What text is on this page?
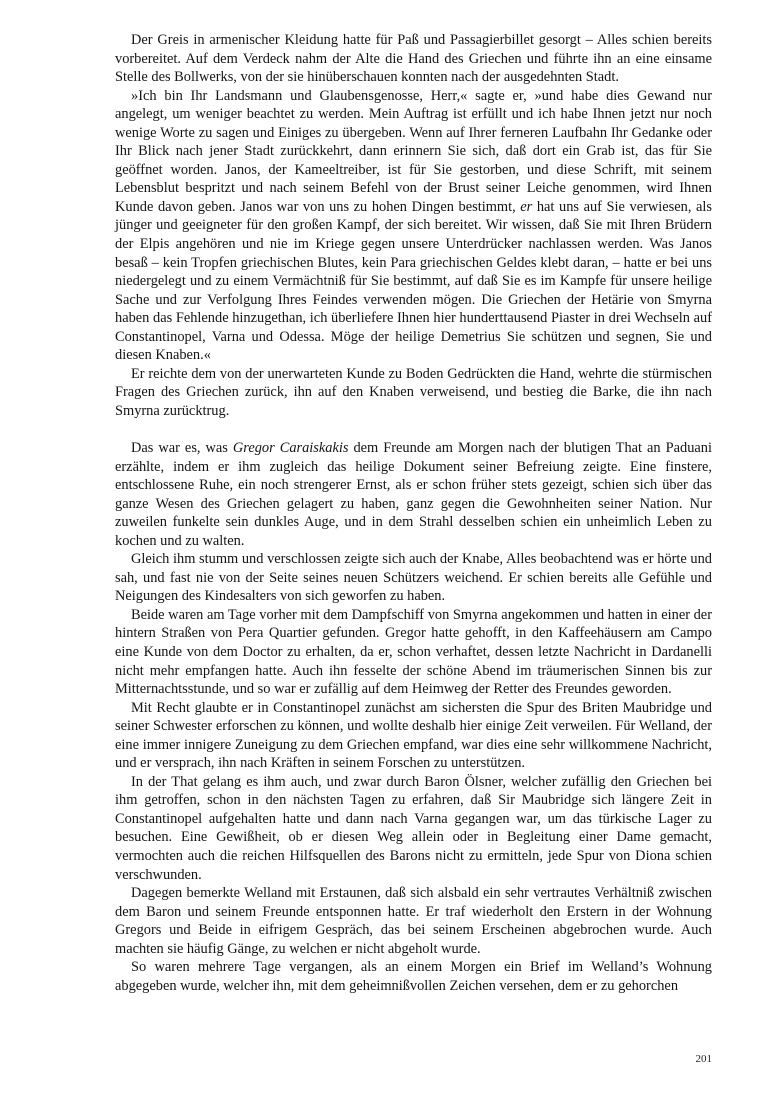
Der Greis in armenischer Kleidung hatte für Paß und Passagierbillet gesorgt – Alles schien bereits vorbereitet. Auf dem Verdeck nahm der Alte die Hand des Griechen und führte ihn an eine einsame Stelle des Bollwerks, von der sie hinüberschauen konnten nach der ausgedehnten Stadt.

»Ich bin Ihr Landsmann und Glaubensgenosse, Herr,« sagte er, »und habe dies Gewand nur angelegt, um weniger beachtet zu werden. Mein Auftrag ist erfüllt und ich habe Ihnen jetzt nur noch wenige Worte zu sagen und Einiges zu übergeben. Wenn auf Ihrer ferneren Laufbahn Ihr Gedanke oder Ihr Blick nach jener Stadt zurückkehrt, dann erinnern Sie sich, daß dort ein Grab ist, das für Sie geöffnet worden. Janos, der Kameeltreiber, ist für Sie gestorben, und diese Schrift, mit seinem Lebensblut bespritzt und nach seinem Befehl von der Brust seiner Leiche genommen, wird Ihnen Kunde davon geben. Janos war von uns zu hohen Dingen bestimmt, er hat uns auf Sie verwiesen, als jünger und geeigneter für den großen Kampf, der sich bereitet. Wir wissen, daß Sie mit Ihren Brüdern der Elpis angehören und nie im Kriege gegen unsere Unterdrücker nachlassen werden. Was Janos besaß – kein Tropfen griechischen Blutes, kein Para griechischen Geldes klebt daran, – hatte er bei uns niedergelegt und zu einem Vermächtniß für Sie bestimmt, auf daß Sie es im Kampfe für unsere heilige Sache und zur Verfolgung Ihres Feindes verwenden mögen. Die Griechen der Hetärie von Smyrna haben das Fehlende hinzugethan, ich überliefere Ihnen hier hunderttausend Piaster in drei Wechseln auf Constantinopel, Varna und Odessa. Möge der heilige Demetrius Sie schützen und segnen, Sie und diesen Knaben.«

Er reichte dem von der unerwarteten Kunde zu Boden Gedrückten die Hand, wehrte die stürmischen Fragen des Griechen zurück, ihn auf den Knaben verweisend, und bestieg die Barke, die ihn nach Smyrna zurücktrug.

Das war es, was Gregor Caraiskakis dem Freunde am Morgen nach der blutigen That an Paduani erzählte, indem er ihm zugleich das heilige Dokument seiner Befreiung zeigte. Eine finstere, entschlossene Ruhe, ein noch strengerer Ernst, als er schon früher stets gezeigt, schien sich über das ganze Wesen des Griechen gelagert zu haben, ganz gegen die Gewohnheiten seiner Nation. Nur zuweilen funkelte sein dunkles Auge, und in dem Strahl desselben schien ein unheimlich Leben zu kochen und zu walten.

Gleich ihm stumm und verschlossen zeigte sich auch der Knabe, Alles beobachtend was er hörte und sah, und fast nie von der Seite seines neuen Schützers weichend. Er schien bereits alle Gefühle und Neigungen des Kindesalters von sich geworfen zu haben.

Beide waren am Tage vorher mit dem Dampfschiff von Smyrna angekommen und hatten in einer der hintern Straßen von Pera Quartier gefunden. Gregor hatte gehofft, in den Kaffeehäusern am Campo eine Kunde von dem Doctor zu erhalten, da er, schon verhaftet, dessen letzte Nachricht in Dardanelli nicht mehr empfangen hatte. Auch ihn fesselte der schöne Abend im träumerischen Sinnen bis zur Mitternachtsstunde, und so war er zufällig auf dem Heimweg der Retter des Freundes geworden.

Mit Recht glaubte er in Constantinopel zunächst am sichersten die Spur des Briten Maubridge und seiner Schwester erforschen zu können, und wollte deshalb hier einige Zeit verweilen. Für Welland, der eine immer innigere Zuneigung zu dem Griechen empfand, war dies eine sehr willkommene Nachricht, und er versprach, ihn nach Kräften in seinem Forschen zu unterstützen.

In der That gelang es ihm auch, und zwar durch Baron Ölsner, welcher zufällig den Griechen bei ihm getroffen, schon in den nächsten Tagen zu erfahren, daß Sir Maubridge sich längere Zeit in Constantinopel aufgehalten hatte und dann nach Varna gegangen war, um das türkische Lager zu besuchen. Eine Gewißheit, ob er diesen Weg allein oder in Begleitung einer Dame gemacht, vermochten auch die reichen Hilfsquellen des Barons nicht zu ermitteln, jede Spur von Diona schien verschwunden.

Dagegen bemerkte Welland mit Erstaunen, daß sich alsbald ein sehr vertrautes Verhältniß zwischen dem Baron und seinem Freunde entsponnen hatte. Er traf wiederholt den Erstern in der Wohnung Gregors und Beide in eifrigem Gespräch, das bei seinem Erscheinen abgebrochen wurde. Auch machten sie häufig Gänge, zu welchen er nicht abgeholt wurde.

So waren mehrere Tage vergangen, als an einem Morgen ein Brief im Welland’s Wohnung abgegeben wurde, welcher ihn, mit dem geheimnißvollen Zeichen versehen, dem er zu gehorchen

201
